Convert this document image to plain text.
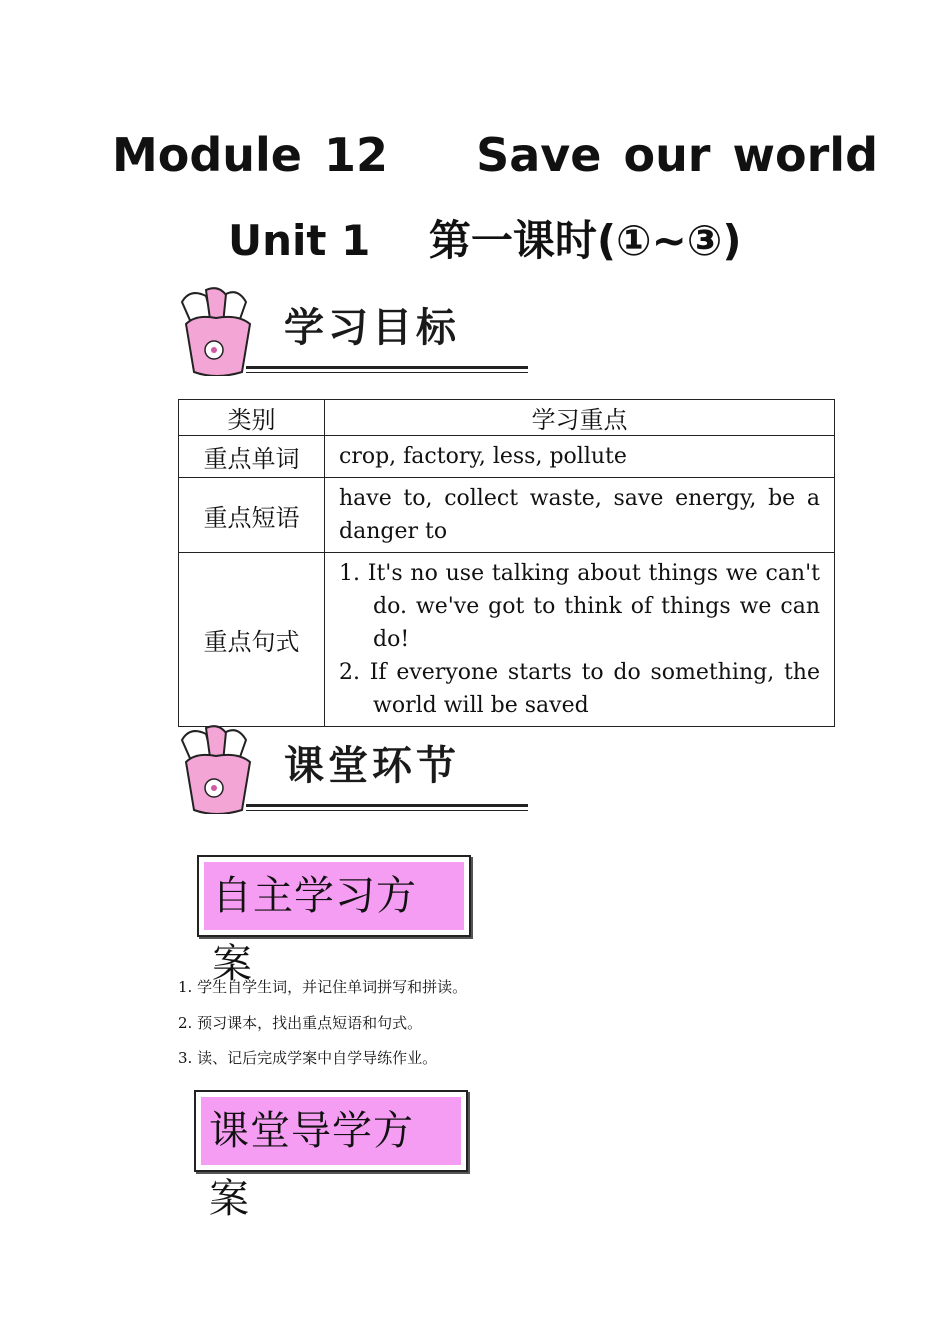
Module 12    Save our world
Unit 1    第一课时(①~③)
学习目标
类别	学习重点
重点单词	crop, factory, less, pollute
重点短语	have to, collect waste, save energy, be a danger to
重点句式	1. It's no use talking about things we can't do. we've got to think of things we can do!
2. If everyone starts to do something, the world will be saved
课堂环节
自主学习方案
1. 学生自学生词，并记住单词拼写和拼读。
2. 预习课本，找出重点短语和句式。
3. 读、记后完成学案中自学导练作业。
课堂导学方案
